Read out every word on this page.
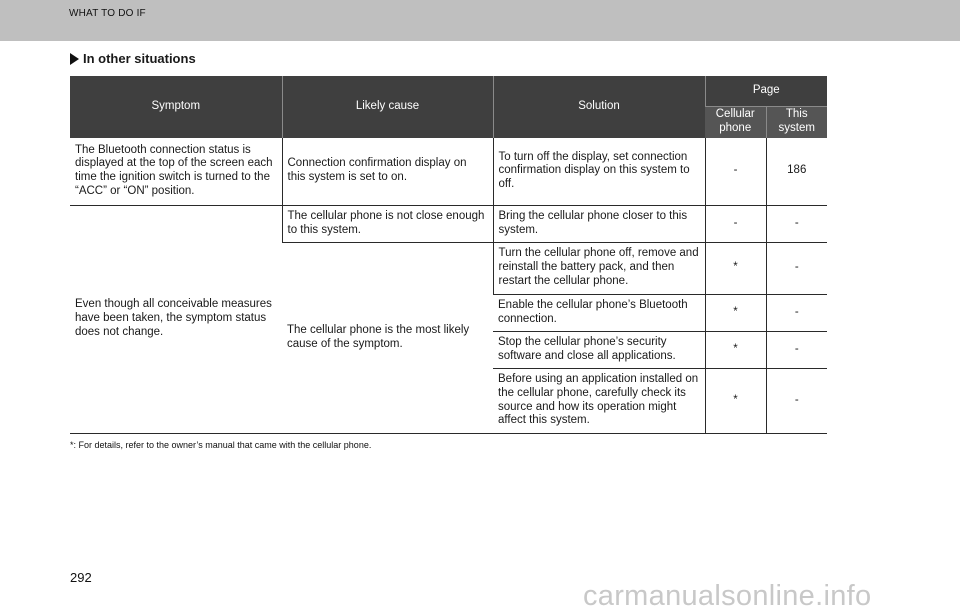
WHAT TO DO IF
In other situations
Symptom	Likely cause	Solution	Page	
			Cellular phone	This system
The Bluetooth connection status is displayed at the top of the screen each time the ignition switch is turned to the “ACC” or “ON” position.	Connection confirmation display on this system is set to on.	To turn off the display, set connection confirmation display on this system to off.	-	186
Even though all conceivable measures have been taken, the symptom status does not change.	The cellular phone is not close enough to this system.	Bring the cellular phone closer to this system.	-	-
	The cellular phone is the most likely cause of the symptom.	Turn the cellular phone off, remove and reinstall the battery pack, and then restart the cellular phone.	*	-
		Enable the cellular phone’s Bluetooth connection.	*	-
		Stop the cellular phone’s security software and close all applications.	*	-
		Before using an application installed on the cellular phone, carefully check its source and how its operation might affect this system.	*	-
*: For details, refer to the owner’s manual that came with the cellular phone.
292
carmanualsonline.info
